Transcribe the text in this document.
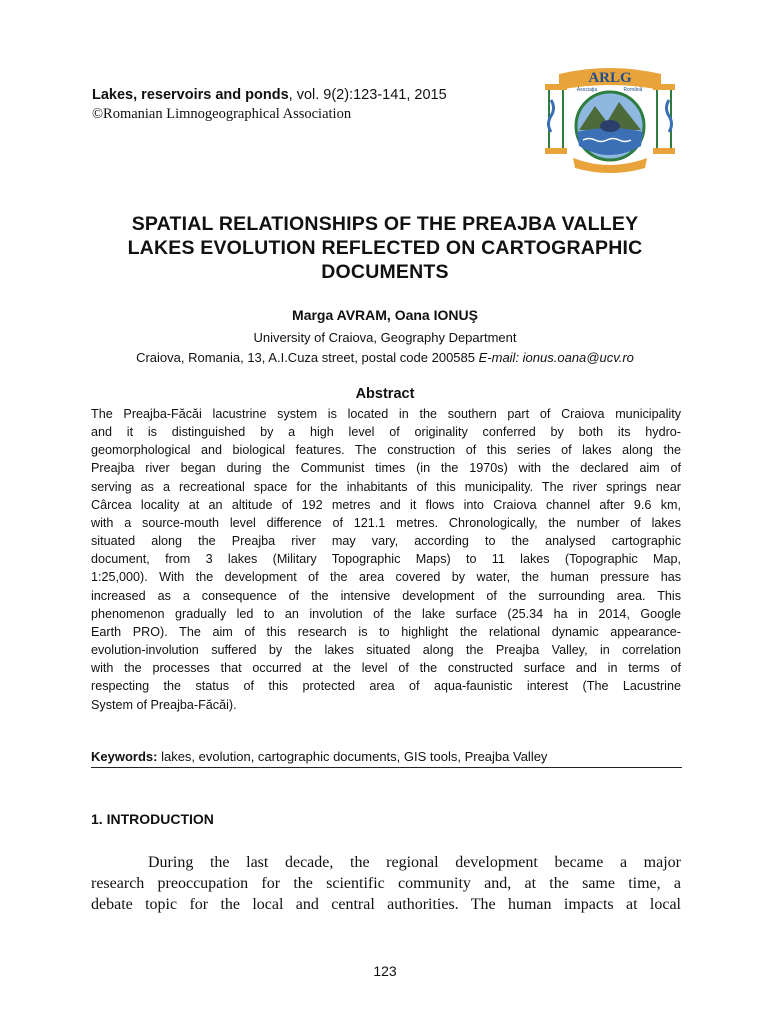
Lakes, reservoirs and ponds, vol. 9(2):123-141, 2015
©Romanian Limnogeographical Association
ARLG
Asociaţia	Română
SPATIAL RELATIONSHIPS OF THE PREAJBA VALLEY
LAKES EVOLUTION REFLECTED ON CARTOGRAPHIC
DOCUMENTS
Marga AVRAM, Oana IONUŞ
University of Craiova, Geography Department
Craiova, Romania, 13, A.I.Cuza street, postal code 200585 E-mail: ionus.oana@ucv.ro
Abstract
The Preajba-Făcăi lacustrine system is located in the southern part of Craiova municipality
and it is distinguished by a high level of originality conferred by both its hydro-
geomorphological and biological features. The construction of this series of lakes along the
Preajba river began during the Communist times (in the 1970s) with the declared aim of
serving as a recreational space for the inhabitants of this municipality. The river springs near
Cârcea locality at an altitude of 192 metres and it flows into Craiova channel after 9.6 km,
with a source-mouth level difference of 121.1 metres. Chronologically, the number of lakes
situated along the Preajba river may vary, according to the analysed cartographic
document, from 3 lakes (Military Topographic Maps) to 11 lakes (Topographic Map,
1:25,000). With the development of the area covered by water, the human pressure has
increased as a consequence of the intensive development of the surrounding area. This
phenomenon gradually led to an involution of the lake surface (25.34 ha in 2014, Google
Earth PRO). The aim of this research is to highlight the relational dynamic appearance-
evolution-involution suffered by the lakes situated along the Preajba Valley, in correlation
with the processes that occurred at the level of the constructed surface and in terms of
respecting the status of this protected area of aqua-faunistic interest (The Lacustrine
System of Preajba-Făcăi).
Keywords: lakes, evolution, cartographic documents, GIS tools, Preajba Valley
1. INTRODUCTION
During the last decade, the regional development became a major
research preoccupation for the scientific community and, at the same time, a
debate topic for the local and central authorities. The human impacts at local
123
